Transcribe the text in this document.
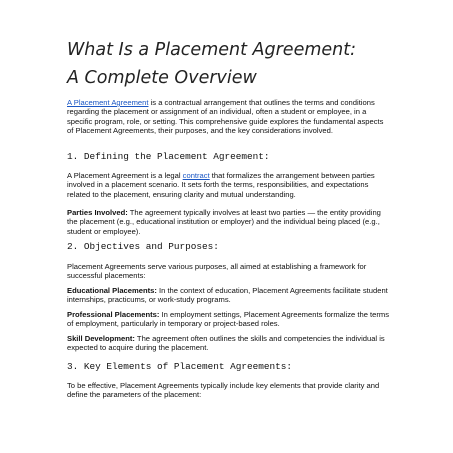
What Is a Placement Agreement:
A Complete Overview

A Placement Agreement is a contractual arrangement that outlines the terms and conditions regarding the placement or assignment of an individual, often a student or employee, in a specific program, role, or setting. This comprehensive guide explores the fundamental aspects of Placement Agreements, their purposes, and the key considerations involved.

1. Defining the Placement Agreement:

A Placement Agreement is a legal contract that formalizes the arrangement between parties involved in a placement scenario. It sets forth the terms, responsibilities, and expectations related to the placement, ensuring clarity and mutual understanding.

Parties Involved: The agreement typically involves at least two parties — the entity providing the placement (e.g., educational institution or employer) and the individual being placed (e.g., student or employee).

2. Objectives and Purposes:

Placement Agreements serve various purposes, all aimed at establishing a framework for successful placements:

Educational Placements: In the context of education, Placement Agreements facilitate student internships, practicums, or work-study programs.

Professional Placements: In employment settings, Placement Agreements formalize the terms of employment, particularly in temporary or project-based roles.

Skill Development: The agreement often outlines the skills and competencies the individual is expected to acquire during the placement.

3. Key Elements of Placement Agreements:

To be effective, Placement Agreements typically include key elements that provide clarity and define the parameters of the placement:
